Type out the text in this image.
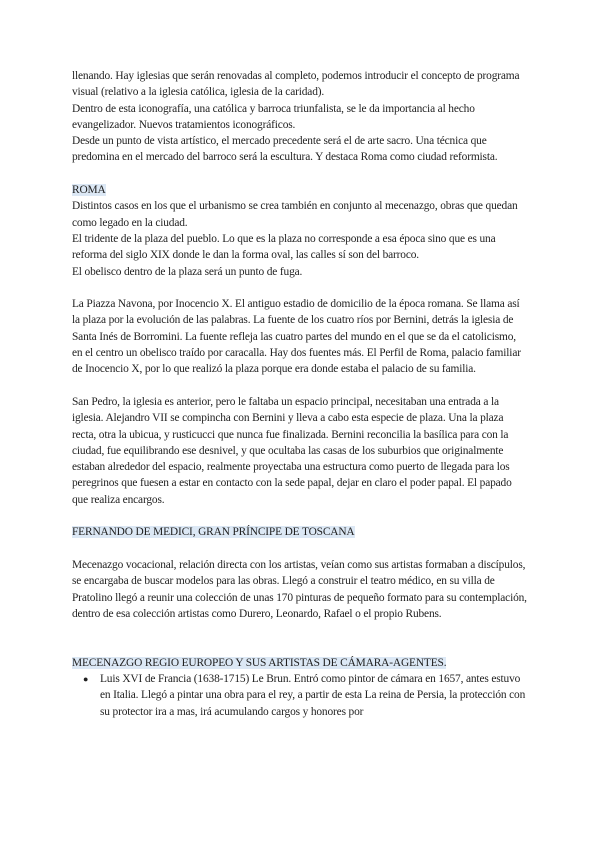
llenando. Hay iglesias que serán renovadas al completo, podemos introducir el concepto de programa visual (relativo a la iglesia católica, iglesia de la caridad).

Dentro de esta iconografía, una católica y barroca triunfalista, se le da importancia al hecho evangelizador. Nuevos tratamientos iconográficos.

Desde un punto de vista artístico, el mercado precedente será el de arte sacro. Una técnica que predomina en el mercado del barroco será la escultura. Y destaca Roma como ciudad reformista.

ROMA

Distintos casos en los que el urbanismo se crea también en conjunto al mecenazgo, obras que quedan como legado en la ciudad.

El tridente de la plaza del pueblo. Lo que es la plaza no corresponde a esa época sino que es una reforma del siglo XIX donde le dan la forma oval, las calles sí son del barroco.

El obelisco dentro de la plaza será un punto de fuga.

La Piazza Navona, por Inocencio X. El antiguo estadio de domicilio de la época romana. Se llama así la plaza por la evolución de las palabras. La fuente de los cuatro ríos por Bernini, detrás la iglesia de Santa Inés de Borromini. La fuente refleja las cuatro partes del mundo en el que se da el catolicismo, en el centro un obelisco traído por caracalla. Hay dos fuentes más. El Perfil de Roma, palacio familiar de Inocencio X, por lo que realizó la plaza porque era donde estaba el palacio de su familia.

San Pedro, la iglesia es anterior, pero le faltaba un espacio principal, necesitaban una entrada a la iglesia. Alejandro VII se compincha con Bernini y lleva a cabo esta especie de plaza. Una la plaza recta, otra la ubicua, y rusticucci que nunca fue finalizada. Bernini reconcilia la basílica para con la ciudad, fue equilibrando ese desnivel, y que ocultaba las casas de los suburbios que originalmente estaban alrededor del espacio, realmente proyectaba una estructura como puerto de llegada para los peregrinos que fuesen a estar en contacto con la sede papal, dejar en claro el poder papal. El papado que realiza encargos.

FERNANDO DE MEDICI, GRAN PRÍNCIPE DE TOSCANA

Mecenazgo vocacional, relación directa con los artistas, veían como sus artistas formaban a discípulos, se encargaba de buscar modelos para las obras. Llegó a construir el teatro médico, en su villa de Pratolino llegó a reunir una colección de unas 170 pinturas de pequeño formato para su contemplación, dentro de esa colección artistas como Durero, Leonardo, Rafael o el propio Rubens.

MECENAZGO REGIO EUROPEO Y SUS ARTISTAS DE CÁMARA-AGENTES.

● Luis XVI de Francia (1638-1715) Le Brun. Entró como pintor de cámara en 1657, antes estuvo en Italia. Llegó a pintar una obra para el rey, a partir de esta La reina de Persia, la protección con su protector ira a mas, irá acumulando cargos y honores por
